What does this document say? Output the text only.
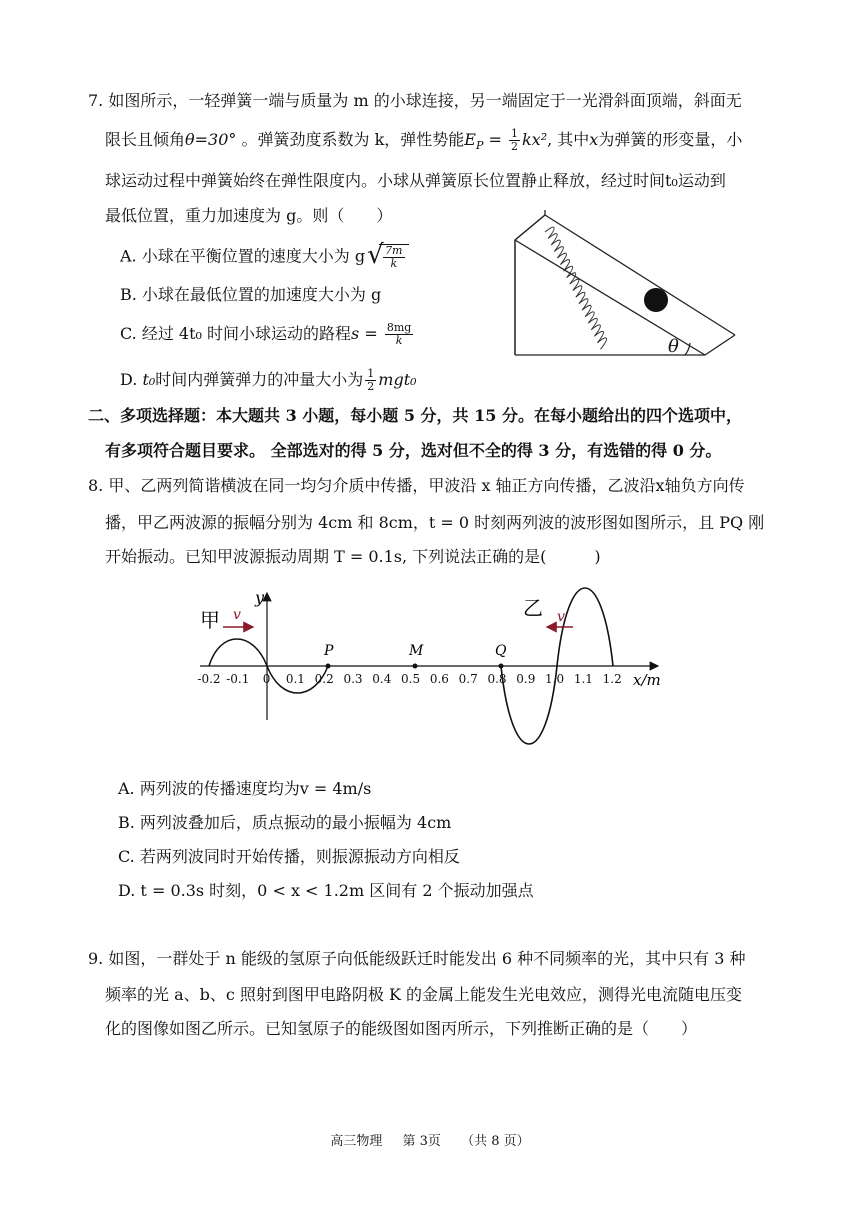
7. 如图所示，一轻弹簧一端与质量为 m 的小球连接，另一端固定于一光滑斜面顶端，斜面无
限长且倾角θ=30° 。弹簧劲度系数为 k，弹性势能$E_P = \frac{1}{2} kx^2$, 其中x为弹簧的形变量，小
球运动过程中弹簧始终在弹性限度内。小球从弹簧原长位置静止释放，经过时间t₀运动到
最低位置，重力加速度为 g。则（　　）
A. 小球在平衡位置的速度大小为 g √ $\frac{7m}{k}$
B. 小球在最低位置的加速度大小为 g
C. 经过 4t₀ 时间小球运动的路程$s = \frac{8mg}{k}$
D. t₀时间内弹簧弹力的冲量大小为 $\frac{1}{2} mgt_0$
θ
二、多项选择题：本大题共 3 小题，每小题 5 分，共 15 分。在每小题给出的四个选项中，
有多项符合题目要求。 全部选对的得 5 分，选对但不全的得 3 分，有选错的得 0 分。
8. 甲、乙两列简谐横波在同一均匀介质中传播，甲波沿 x 轴正方向传播，乙波沿x轴负方向传
播，甲乙两波源的振幅分别为 4cm 和 8cm，t = 0 时刻两列波的波形图如图所示，且 PQ 刚
开始振动。已知甲波源振动周期 T = 0.1s, 下列说法正确的是(　　　)
y
x/m
-0.2 -0.1 0 0.1 0.2 0.3 0.4 0.5 0.6 0.7 0.8 0.9 1.0 1.1 1.2
甲 v	乙 v
P	M	Q
A. 两列波的传播速度均为v = 4m/s
B. 两列波叠加后，质点振动的最小振幅为 4cm
C. 若两列波同时开始传播，则振源振动方向相反
D. t = 0.3s 时刻，0 < x < 1.2m 区间有 2 个振动加强点
9. 如图，一群处于 n 能级的氢原子向低能级跃迁时能发出 6 种不同频率的光，其中只有 3 种
频率的光 a、b、c 照射到图甲电路阴极 K 的金属上能发生光电效应，测得光电流随电压变
化的图像如图乙所示。已知氢原子的能级图如图丙所示，下列推断正确的是（　　）
高三物理 第 3页 （共 8 页）
